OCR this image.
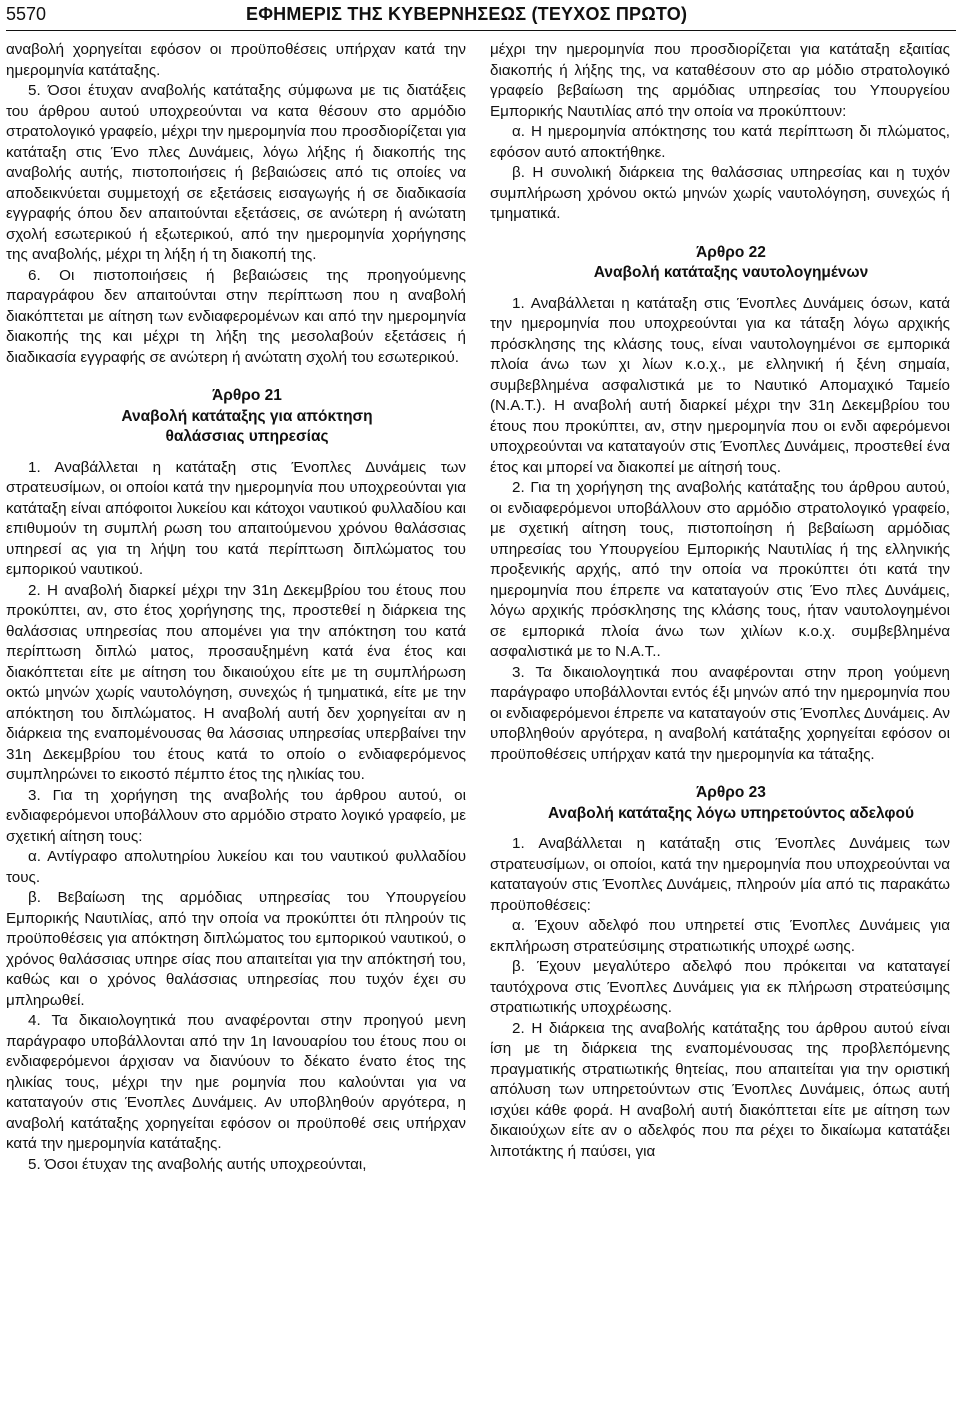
5570	ΕΦΗΜΕΡΙΣ ΤΗΣ ΚΥΒΕΡΝΗΣΕΩΣ (ΤΕΥΧΟΣ ΠΡΩΤΟ)

αναβολή χορηγείται εφόσον οι προϋποθέσεις υπήρχαν κατά την ημερομηνία κατάταξης.

5. Όσοι έτυχαν αναβολής κατάταξης σύμφωνα με τις διατάξεις του άρθρου αυτού υποχρεούνται να κατα θέσουν στο αρμόδιο στρατολογικό γραφείο, μέχρι την ημερομηνία που προσδιορίζεται για κατάταξη στις Ένο πλες Δυνάμεις, λόγω λήξης ή διακοπής της αναβολής αυτής, πιστοποιήσεις ή βεβαιώσεις από τις οποίες να αποδεικνύεται συμμετοχή σε εξετάσεις εισαγωγής ή σε διαδικασία εγγραφής όπου δεν απαιτούνται εξετάσεις, σε ανώτερη ή ανώτατη σχολή εσωτερικού ή εξωτερικού, από την ημερομηνία χορήγησης της αναβολής, μέχρι τη λήξη ή τη διακοπή της.

6. Οι πιστοποιήσεις ή βεβαιώσεις της προηγούμενης παραγράφου δεν απαιτούνται στην περίπτωση που η αναβολή διακόπτεται με αίτηση των ενδιαφερομένων και από την ημερομηνία διακοπής της και μέχρι τη λήξη της μεσολαβούν εξετάσεις ή διαδικασία εγγραφής σε ανώτερη ή ανώτατη σχολή του εσωτερικού.

Άρθρο 21

Αναβολή κατάταξης για απόκτηση

θαλάσσιας υπηρεσίας

1. Αναβάλλεται η κατάταξη στις Ένοπλες Δυνάμεις των στρατευσίμων, οι οποίοι κατά την ημερομηνία που υποχρεούνται για κατάταξη είναι απόφοιτοι λυκείου και κάτοχοι ναυτικού φυλλαδίου και επιθυμούν τη συμπλή ρωση του απαιτούμενου χρόνου θαλάσσιας υπηρεσί ας για τη λήψη του κατά περίπτωση διπλώματος του εμπορικού ναυτικού.

2. Η αναβολή διαρκεί μέχρι την 31η Δεκεμβρίου του έτους που προκύπτει, αν, στο έτος χορήγησης της, προστεθεί η διάρκεια της θαλάσσιας υπηρεσίας που απομένει για την απόκτηση του κατά περίπτωση διπλώ ματος, προσαυξημένη κατά ένα έτος και διακόπτεται είτε με αίτηση του δικαιούχου είτε με τη συμπλήρωση οκτώ μηνών χωρίς ναυτολόγηση, συνεχώς ή τμηματικά, είτε με την απόκτηση του διπλώματος. Η αναβολή αυτή δεν χορηγείται αν η διάρκεια της εναπομένουσας θα λάσσιας υπηρεσίας υπερβαίνει την 31η Δεκεμβρίου του έτους κατά το οποίο ο ενδιαφερόμενος συμπληρώνει το εικοστό πέμπτο έτος της ηλικίας του.

3. Για τη χορήγηση της αναβολής του άρθρου αυτού, οι ενδιαφερόμενοι υποβάλλουν στο αρμόδιο στρατο λογικό γραφείο, με σχετική αίτηση τους:

α. Αντίγραφο απολυτηρίου λυκείου και του ναυτικού φυλλαδίου τους.

β. Βεβαίωση της αρμόδιας υπηρεσίας του Υπουργείου Εμπορικής Ναυτιλίας, από την οποία να προκύπτει ότι πληρούν τις προϋποθέσεις για απόκτηση διπλώματος του εμπορικού ναυτικού, ο χρόνος θαλάσσιας υπηρε σίας που απαιτείται για την απόκτησή του, καθώς και ο χρόνος θαλάσσιας υπηρεσίας που τυχόν έχει συ μπληρωθεί.

4. Τα δικαιολογητικά που αναφέρονται στην προηγού μενη παράγραφο υποβάλλονται από την 1η Ιανουαρίου του έτους που οι ενδιαφερόμενοι άρχισαν να διανύουν το δέκατο ένατο έτος της ηλικίας τους, μέχρι την ημε ρομηνία που καλούνται για να καταταγούν στις Ένοπλες Δυνάμεις. Αν υποβληθούν αργότερα, η αναβολή κατάταξης χορηγείται εφόσον οι προϋποθέ σεις υπήρχαν κατά την ημερομηνία κατάταξης.

5. Όσοι έτυχαν της αναβολής αυτής υποχρεούνται,

μέχρι την ημερομηνία που προσδιορίζεται για κατάταξη εξαιτίας διακοπής ή λήξης της, να καταθέσουν στο αρ μόδιο στρατολογικό γραφείο βεβαίωση της αρμόδιας υπηρεσίας του Υπουργείου Εμπορικής Ναυτιλίας από την οποία να προκύπτουν:

α. Η ημερομηνία απόκτησης του κατά περίπτωση δι πλώματος, εφόσον αυτό αποκτήθηκε.

β. Η συνολική διάρκεια της θαλάσσιας υπηρεσίας και η τυχόν συμπλήρωση χρόνου οκτώ μηνών χωρίς ναυτολόγηση, συνεχώς ή τμηματικά.

Άρθρο 22

Αναβολή κατάταξης ναυτολογημένων

1. Αναβάλλεται η κατάταξη στις Ένοπλες Δυνάμεις όσων, κατά την ημερομηνία που υποχρεούνται για κα τάταξη λόγω αρχικής πρόσκλησης της κλάσης τους, είναι ναυτολογημένοι σε εμπορικά πλοία άνω των χι λίων κ.ο.χ., με ελληνική ή ξένη σημαία, συμβεβλημένα ασφαλιστικά με το Ναυτικό Απομαχικό Ταμείο (Ν.Α.Τ.). Η αναβολή αυτή διαρκεί μέχρι την 31η Δεκεμβρίου του έτους που προκύπτει, αν, στην ημερομηνία που οι ενδι αφερόμενοι υποχρεούνται να καταταγούν στις Ένοπλες Δυνάμεις, προστεθεί ένα έτος και μπορεί να διακοπεί με αίτησή τους.

2. Για τη χορήγηση της αναβολής κατάταξης του άρθρου αυτού, οι ενδιαφερόμενοι υποβάλλουν στο αρμόδιο στρατολογικό γραφείο, με σχετική αίτηση τους, πιστοποίηση ή βεβαίωση αρμόδιας υπηρεσίας του Υπουργείου Εμπορικής Ναυτιλίας ή της ελληνικής προξενικής αρχής, από την οποία να προκύπτει ότι κατά την ημερομηνία που έπρεπε να καταταγούν στις Ένο πλες Δυνάμεις, λόγω αρχικής πρόσκλησης της κλάσης τους, ήταν ναυτολογημένοι σε εμπορικά πλοία άνω των χιλίων κ.ο.χ. συμβεβλημένα ασφαλιστικά με το Ν.Α.Τ..

3. Τα δικαιολογητικά που αναφέρονται στην προη γούμενη παράγραφο υποβάλλονται εντός έξι μηνών από την ημερομηνία που οι ενδιαφερόμενοι έπρεπε να καταταγούν στις Ένοπλες Δυνάμεις. Αν υποβληθούν αργότερα, η αναβολή κατάταξης χορηγείται εφόσον οι προϋποθέσεις υπήρχαν κατά την ημερομηνία κα τάταξης.

Άρθρο 23

Αναβολή κατάταξης λόγω υπηρετούντος αδελφού

1. Αναβάλλεται η κατάταξη στις Ένοπλες Δυνάμεις των στρατευσίμων, οι οποίοι, κατά την ημερομηνία που υποχρεούνται να καταταγούν στις Ένοπλες Δυνάμεις, πληρούν μία από τις παρακάτω προϋποθέσεις:

α. Έχουν αδελφό που υπηρετεί στις Ένοπλες Δυνάμεις για εκπλήρωση στρατεύσιμης στρατιωτικής υποχρέ ωσης.

β. Έχουν μεγαλύτερο αδελφό που πρόκειται να καταταγεί ταυτόχρονα στις Ένοπλες Δυνάμεις για εκ πλήρωση στρατεύσιμης στρατιωτικής υποχρέωσης.

2. Η διάρκεια της αναβολής κατάταξης του άρθρου αυτού είναι ίση με τη διάρκεια της εναπομένουσας της προβλεπόμενης πραγματικής στρατιωτικής θητείας, που απαιτείται για την οριστική απόλυση των υπηρετούντων στις Ένοπλες Δυνάμεις, όπως αυτή ισχύει κάθε φορά. Η αναβολή αυτή διακόπτεται είτε με αίτηση των δικαιούχων είτε αν ο αδελφός που πα ρέχει το δικαίωμα κατατάξει λιποτάκτης ή παύσει, για
